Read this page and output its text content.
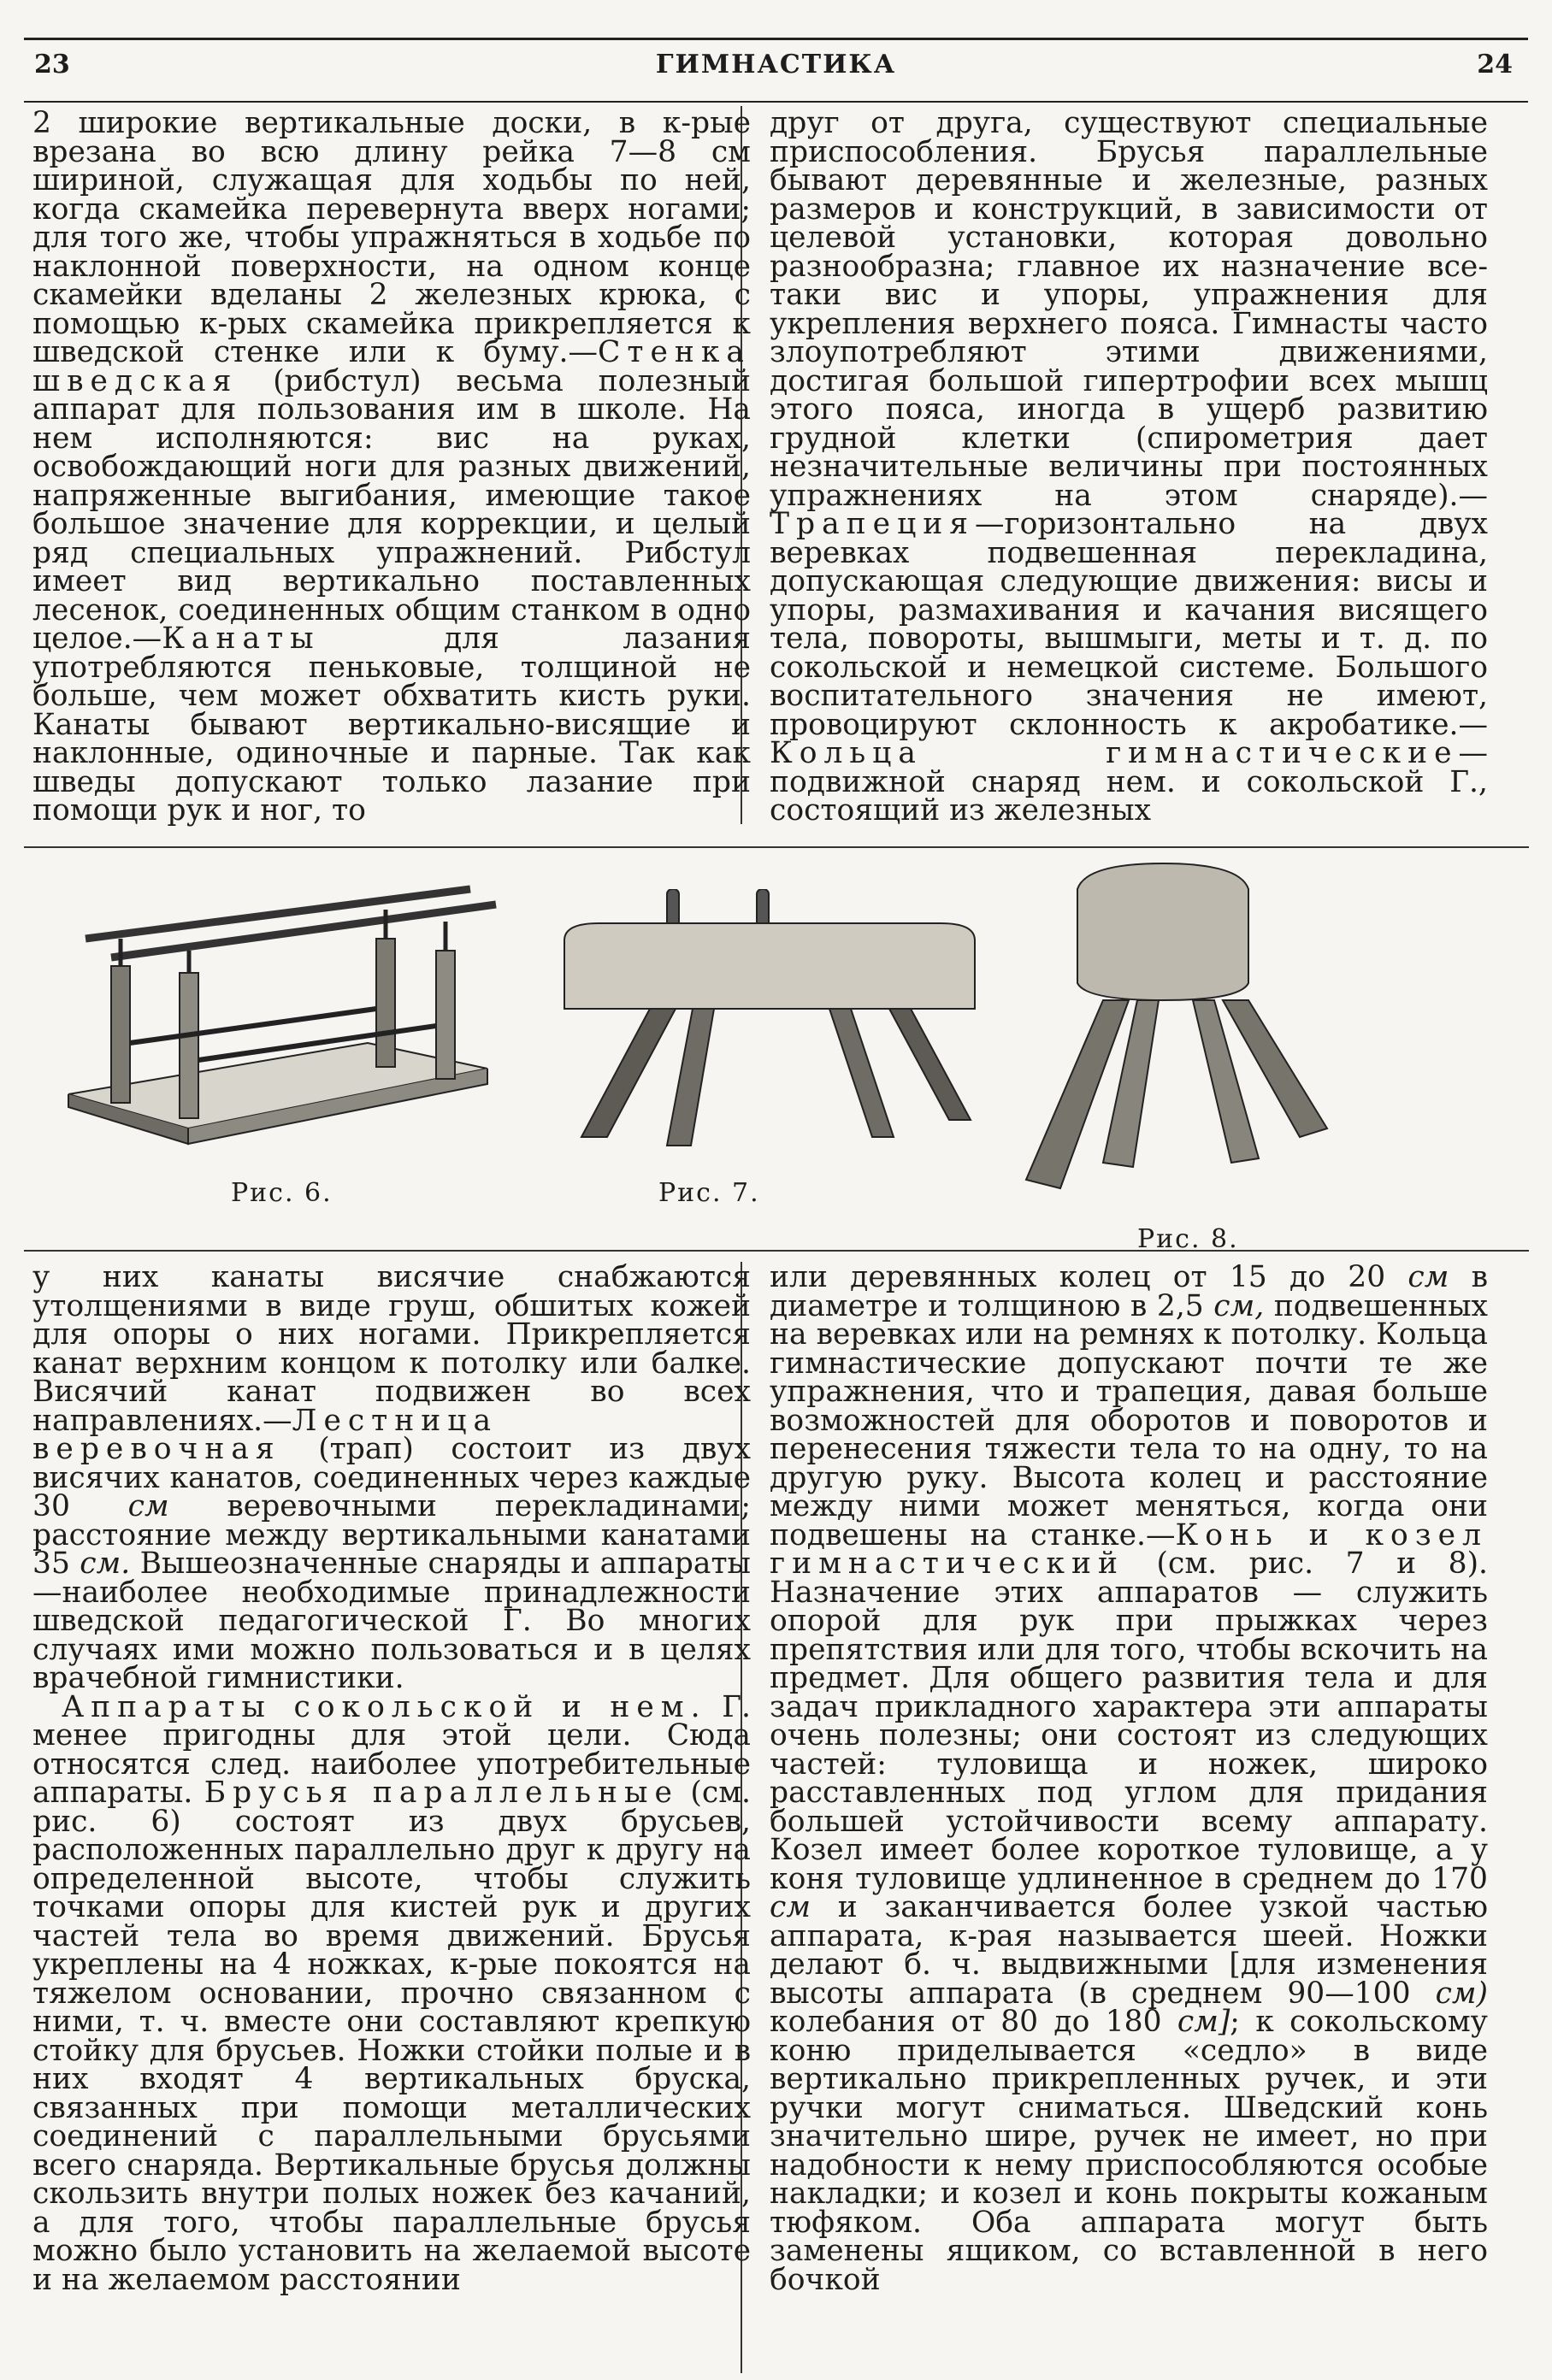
23	ГИМНАСТИКА	24

2 широкие вертикальные доски, в к-рые врезана во всю длину рейка 7—8 см шириной, служащая для ходьбы по ней, когда скамейка перевернута вверх ногами; для того же, чтобы упражняться в ходьбе по наклонной поверхности, на одном конце скамейки вделаны 2 железных крюка, с помощью к-рых скамейка прикрепляется к шведской стенке или к буму.—Стенка шведская (рибстул) весьма полезный аппарат для пользования им в школе. На нем исполняются: вис на руках, освобождающий ноги для разных движений, напряженные выгибания, имеющие такое большое значение для коррекции, и целый ряд специальных упражнений. Рибстул имеет вид вертикально поставленных лесенок, соединенных общим станком в одно целое.—Канаты для лазания употребляются пеньковые, толщиной не больше, чем может обхватить кисть руки. Канаты бывают вертикально-висящие и наклонные, одиночные и парные. Так как шведы допускают только лазание при помощи рук и ног, то

друг от друга, существуют специальные приспособления. Брусья параллельные бывают деревянные и железные, разных размеров и конструкций, в зависимости от целевой установки, которая довольно разнообразна; главное их назначение все-таки вис и упоры, упражнения для укрепления верхнего пояса. Гимнасты часто злоупотребляют этими движениями, достигая большой гипертрофии всех мышц этого пояса, иногда в ущерб развитию грудной клетки (спирометрия дает незначительные величины при постоянных упражнениях на этом снаряде).—Трапеция—горизонтально на двух веревках подвешенная перекладина, допускающая следующие движения: висы и упоры, размахивания и качания висящего тела, повороты, вышмыги, меты и т. д. по сокольской и немецкой системе. Большого воспитательного значения не имеют, провоцируют склонность к акробатике.—Кольца гимнастические—подвижной снаряд нем. и сокольской Г., состоящий из железных

Рис. 6.	Рис. 7.
Рис. 8.

у них канаты висячие снабжаются утолщениями в виде груш, обшитых кожей для опоры о них ногами. Прикрепляется канат верхним концом к потолку или балке. Висячий канат подвижен во всех направлениях.—Лестница веревочная (трап) состоит из двух висячих канатов, соединенных через каждые 30 см веревочными перекладинами; расстояние между вертикальными канатами 35 см. Вышеозначенные снаряды и аппараты—наиболее необходимые принадлежности шведской педагогической Г. Во многих случаях ими можно пользоваться и в целях врачебной гимнистики.

Аппараты сокольской и нем. Г. менее пригодны для этой цели. Сюда относятся след. наиболее употребительные аппараты. Брусья параллельные (см. рис. 6) состоят из двух брусьев, расположенных параллельно друг к другу на определенной высоте, чтобы служить точками опоры для кистей рук и других частей тела во время движений. Брусья укреплены на 4 ножках, к-рые покоятся на тяжелом основании, прочно связанном с ними, т. ч. вместе они составляют крепкую стойку для брусьев. Ножки стойки полые и в них входят 4 вертикальных бруска, связанных при помощи металлических соединений с параллельными брусьями всего снаряда. Вертикальные брусья должны скользить внутри полых ножек без качаний, а для того, чтобы параллельные брусья можно было установить на желаемой высоте и на желаемом расстоянии

или деревянных колец от 15 до 20 см в диаметре и толщиною в 2,5 см, подвешенных на веревках или на ремнях к потолку. Кольца гимнастические допускают почти те же упражнения, что и трапеция, давая больше возможностей для оборотов и поворотов и перенесения тяжести тела то на одну, то на другую руку. Высота колец и расстояние между ними может меняться, когда они подвешены на станке.—Конь и козел гимнастический (см. рис. 7 и 8). Назначение этих аппаратов — служить опорой для рук при прыжках через препятствия или для того, чтобы вскочить на предмет. Для общего развития тела и для задач прикладного характера эти аппараты очень полезны; они состоят из следующих частей: туловища и ножек, широко расставленных под углом для придания большей устойчивости всему аппарату. Козел имеет более короткое туловище, а у коня туловище удлиненное в среднем до 170 см и заканчивается более узкой частью аппарата, к-рая называется шеей. Ножки делают б. ч. выдвижными [для изменения высоты аппарата (в среднем 90—100 см) колебания от 80 до 180 см]; к сокольскому коню приделывается «седло» в виде вертикально прикрепленных ручек, и эти ручки могут сниматься. Шведский конь значительно шире, ручек не имеет, но при надобности к нему приспособляются особые накладки; и козел и конь покрыты кожаным тюфяком. Оба аппарата могут быть заменены ящиком, со вставленной в него бочкой
